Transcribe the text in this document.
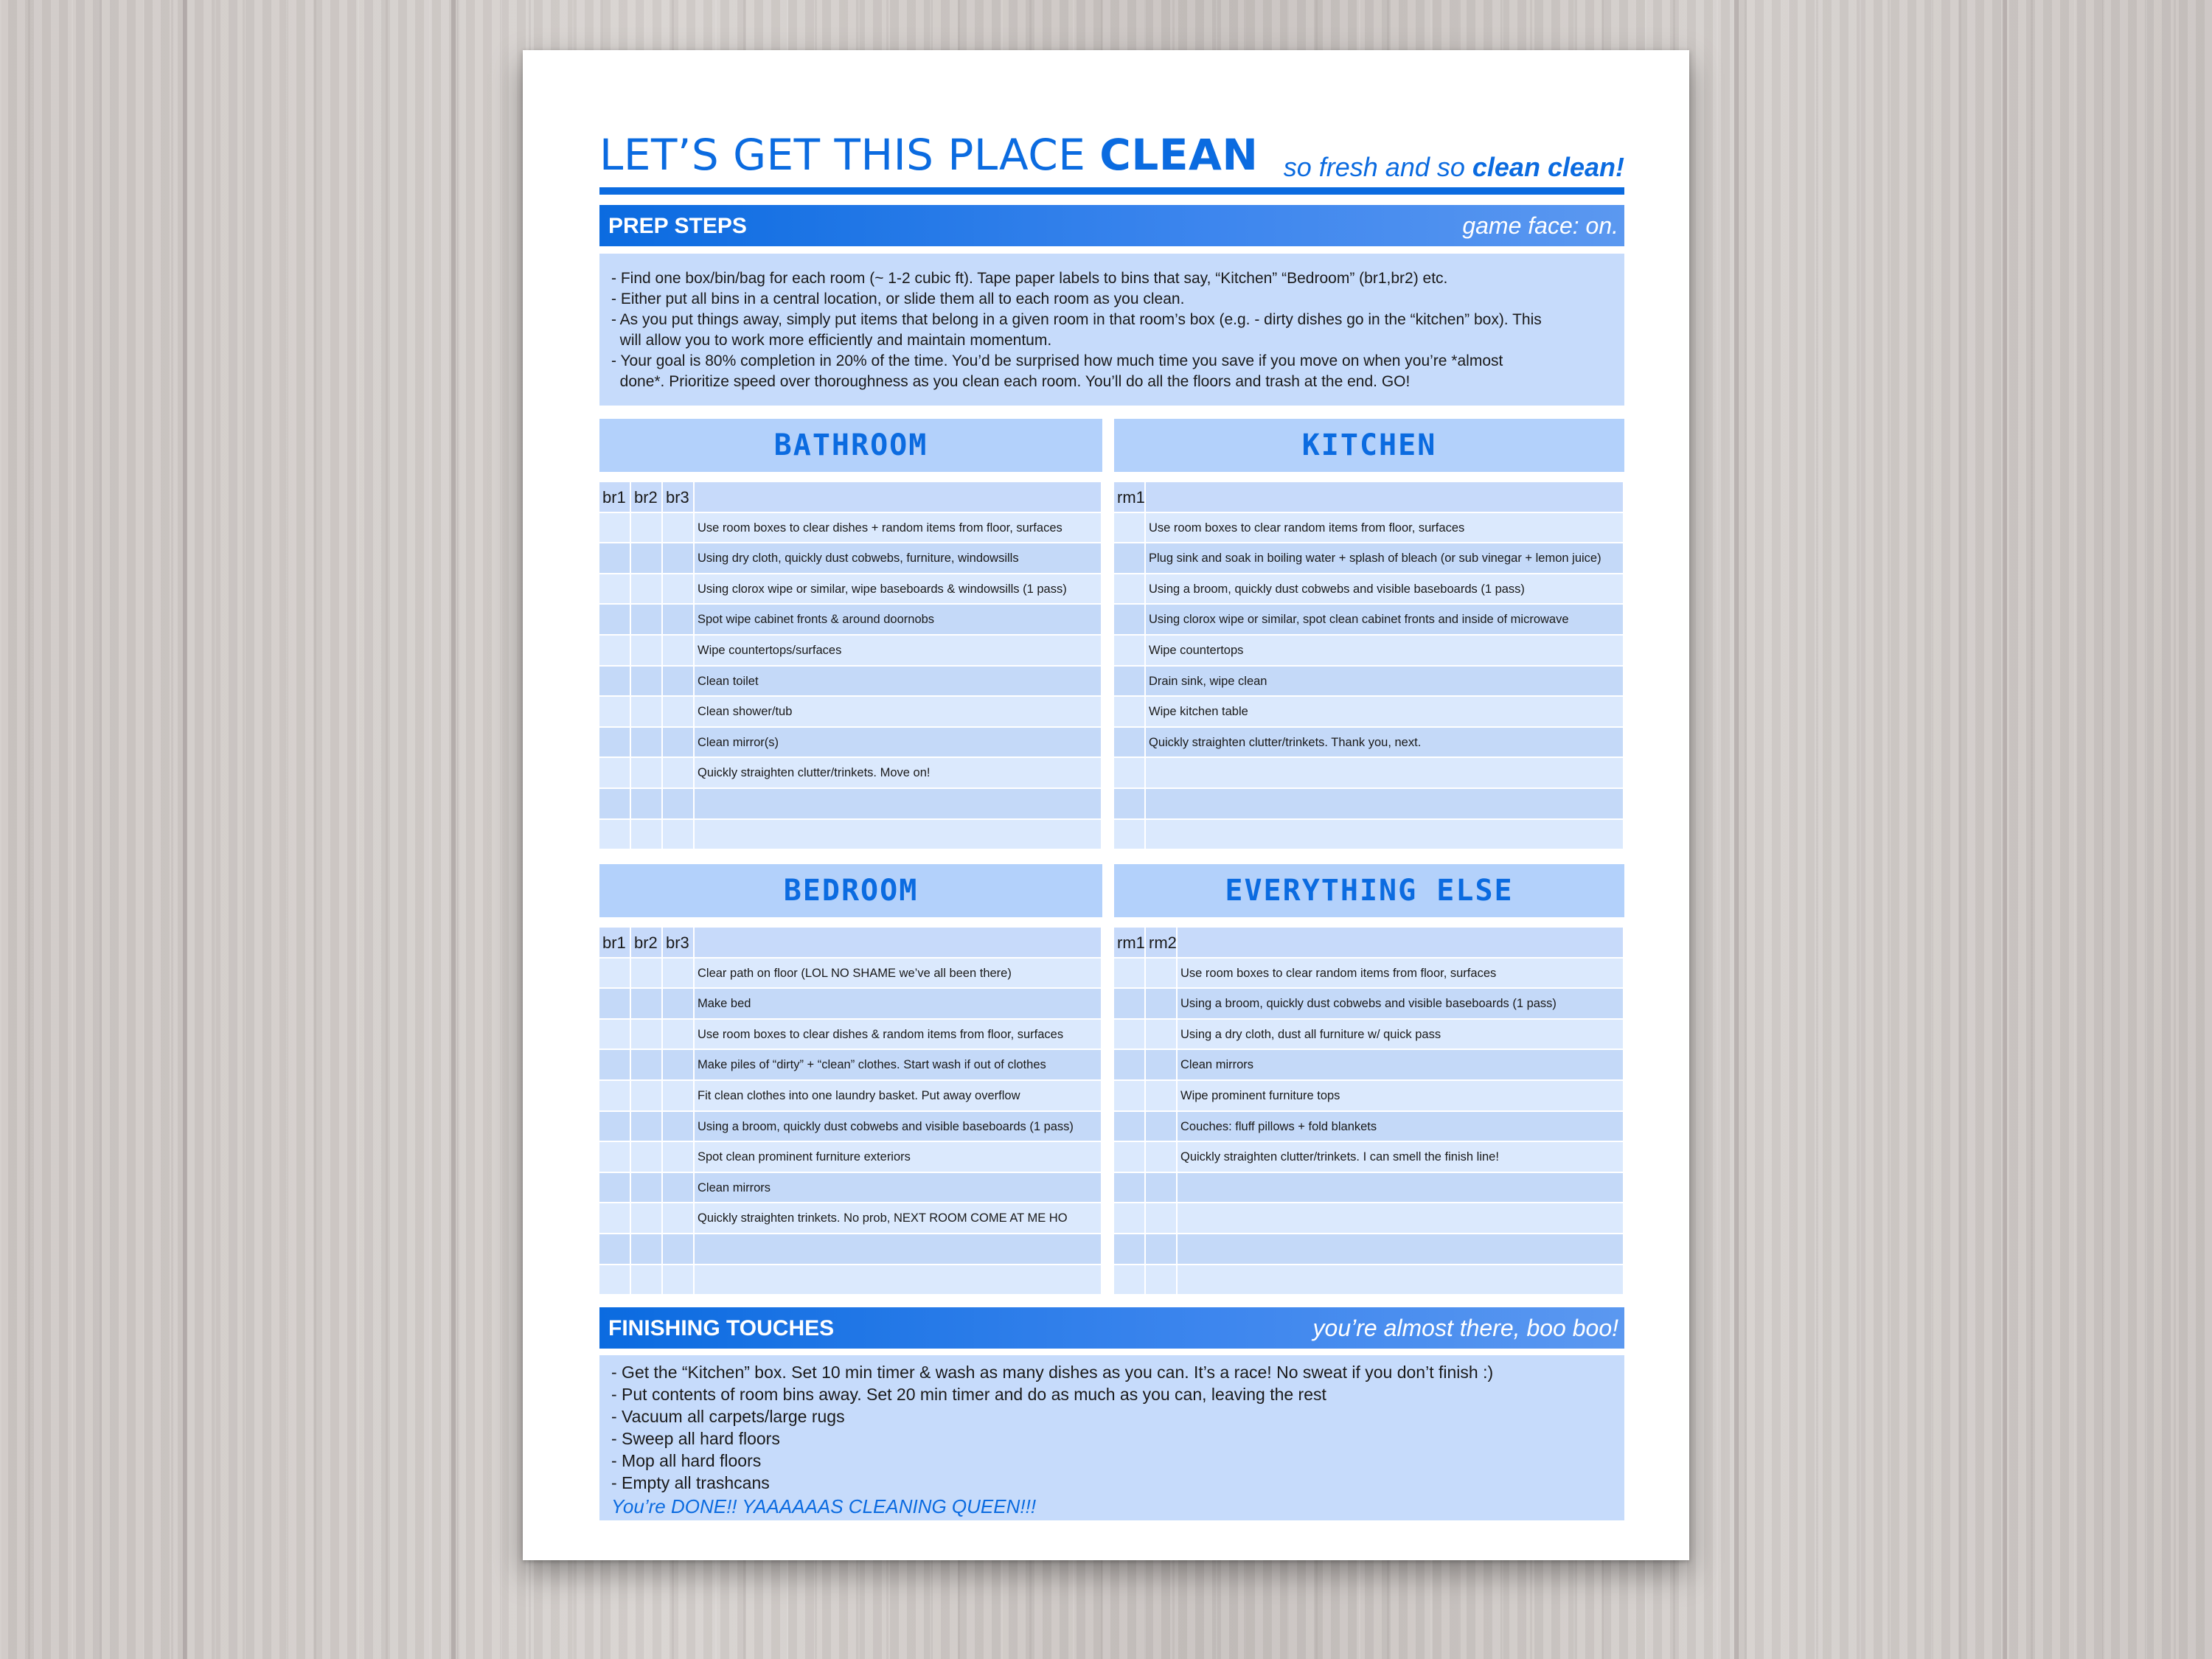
LET’S GET THIS PLACE CLEAN so fresh and so clean clean!
PREP STEPS	game face: on.
- Find one box/bin/bag for each room (~ 1-2 cubic ft). Tape paper labels to bins that say, “Kitchen” “Bedroom” (br1,br2) etc.
- Either put all bins in a central location, or slide them all to each room as you clean.
- As you put things away, simply put items that belong in a given room in that room’s box (e.g. - dirty dishes go in the “kitchen” box). This
will allow you to work more efficiently and maintain momentum.
- Your goal is 80% completion in 20% of the time. You’d be surprised how much time you save if you move on when you’re *almost
done*. Prioritize speed over thoroughness as you clean each room. You’ll do all the floors and trash at the end. GO!
BATHROOM
br1 br2 br3
Use room boxes to clear dishes + random items from floor, surfaces
Using dry cloth, quickly dust cobwebs, furniture, windowsills
Using clorox wipe or similar, wipe baseboards & windowsills (1 pass)
Spot wipe cabinet fronts & around doornobs
Wipe countertops/surfaces
Clean toilet
Clean shower/tub
Clean mirror(s)
Quickly straighten clutter/trinkets. Move on!
KITCHEN
rm1
Use room boxes to clear random items from floor, surfaces
Plug sink and soak in boiling water + splash of bleach (or sub vinegar + lemon juice)
Using a broom, quickly dust cobwebs and visible baseboards (1 pass)
Using clorox wipe or similar, spot clean cabinet fronts and inside of microwave
Wipe countertops
Drain sink, wipe clean
Wipe kitchen table
Quickly straighten clutter/trinkets. Thank you, next.
BEDROOM
br1 br2 br3
Clear path on floor (LOL NO SHAME we’ve all been there)
Make bed
Use room boxes to clear dishes & random items from floor, surfaces
Make piles of “dirty” + “clean” clothes. Start wash if out of clothes
Fit clean clothes into one laundry basket. Put away overflow
Using a broom, quickly dust cobwebs and visible baseboards (1 pass)
Spot clean prominent furniture exteriors
Clean mirrors
Quickly straighten trinkets. No prob, NEXT ROOM COME AT ME HO
EVERYTHING ELSE
rm1 rm2
Use room boxes to clear random items from floor, surfaces
Using a broom, quickly dust cobwebs and visible baseboards (1 pass)
Using a dry cloth, dust all furniture w/ quick pass
Clean mirrors
Wipe prominent furniture tops
Couches: fluff pillows + fold blankets
Quickly straighten clutter/trinkets. I can smell the finish line!
FINISHING TOUCHES	you’re almost there, boo boo!
- Get the “Kitchen” box. Set 10 min timer & wash as many dishes as you can. It’s a race! No sweat if you don’t finish :)
- Put contents of room bins away. Set 20 min timer and do as much as you can, leaving the rest
- Vacuum all carpets/large rugs
- Sweep all hard floors
- Mop all hard floors
- Empty all trashcans
You’re DONE!! YAAAAAAS CLEANING QUEEN!!!
